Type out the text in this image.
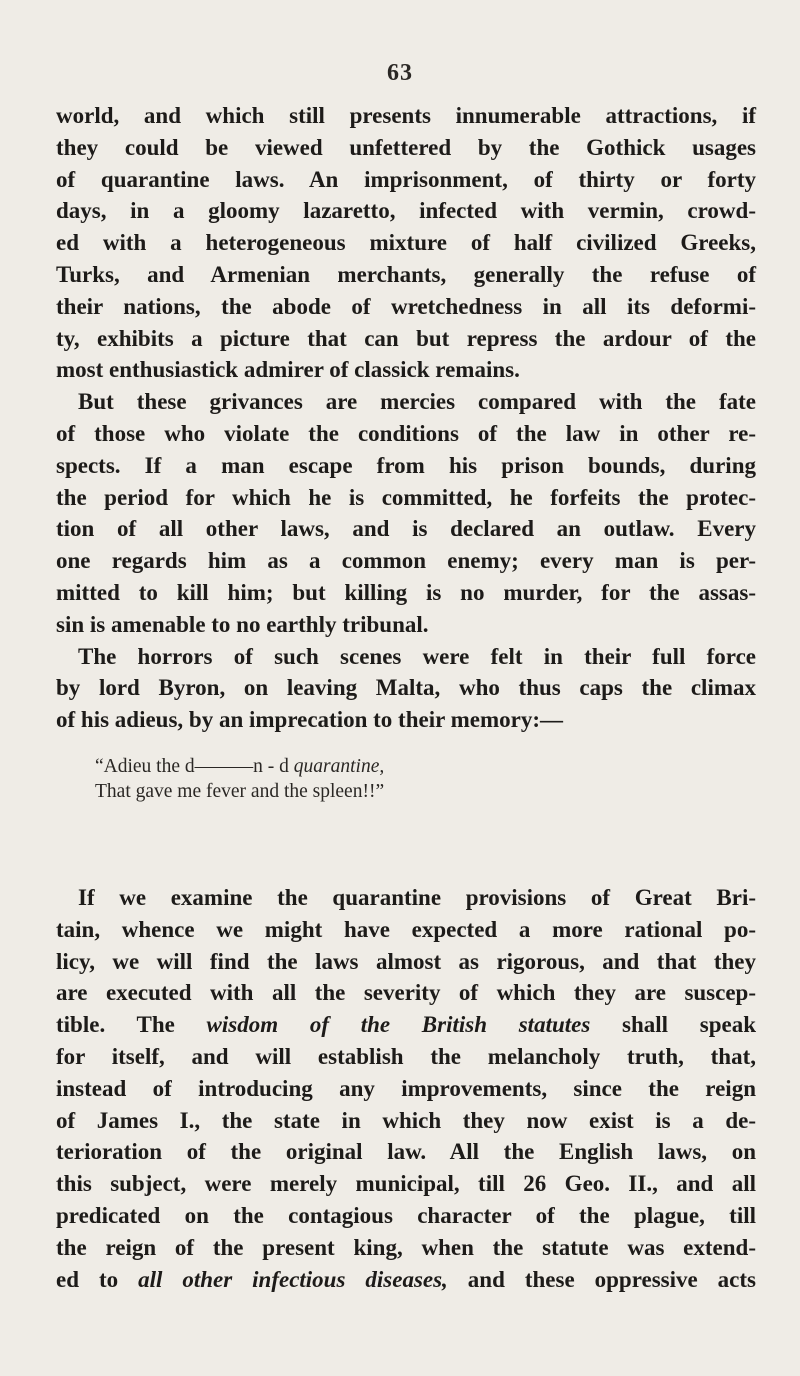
63
world, and which still presents innumerable attractions, if
they could be viewed unfettered by the Gothick usages
of quarantine laws. An imprisonment, of thirty or forty
days, in a gloomy lazaretto, infected with vermin, crowd-
ed with a heterogeneous mixture of half civilized Greeks,
Turks, and Armenian merchants, generally the refuse of
their nations, the abode of wretchedness in all its deformi-
ty, exhibits a picture that can but repress the ardour of the
most enthusiastick admirer of classick remains.
But these grivances are mercies compared with the fate
of those who violate the conditions of the law in other re-
spects. If a man escape from his prison bounds, during
the period for which he is committed, he forfeits the protec-
tion of all other laws, and is declared an outlaw. Every
one regards him as a common enemy; every man is per-
mitted to kill him; but killing is no murder, for the assas-
sin is amenable to no earthly tribunal.
The horrors of such scenes were felt in their full force
by lord Byron, on leaving Malta, who thus caps the climax
of his adieus, by an imprecation to their memory:—
“Adieu the d———n - d quarantine,
That gave me fever and the spleen!!”
If we examine the quarantine provisions of Great Bri-
tain, whence we might have expected a more rational po-
licy, we will find the laws almost as rigorous, and that they
are executed with all the severity of which they are suscep-
tible. The wisdom of the British statutes shall speak
for itself, and will establish the melancholy truth, that,
instead of introducing any improvements, since the reign
of James I., the state in which they now exist is a de-
terioration of the original law. All the English laws, on
this subject, were merely municipal, till 26 Geo. II., and all
predicated on the contagious character of the plague, till
the reign of the present king, when the statute was extend-
ed to all other infectious diseases, and these oppressive acts
